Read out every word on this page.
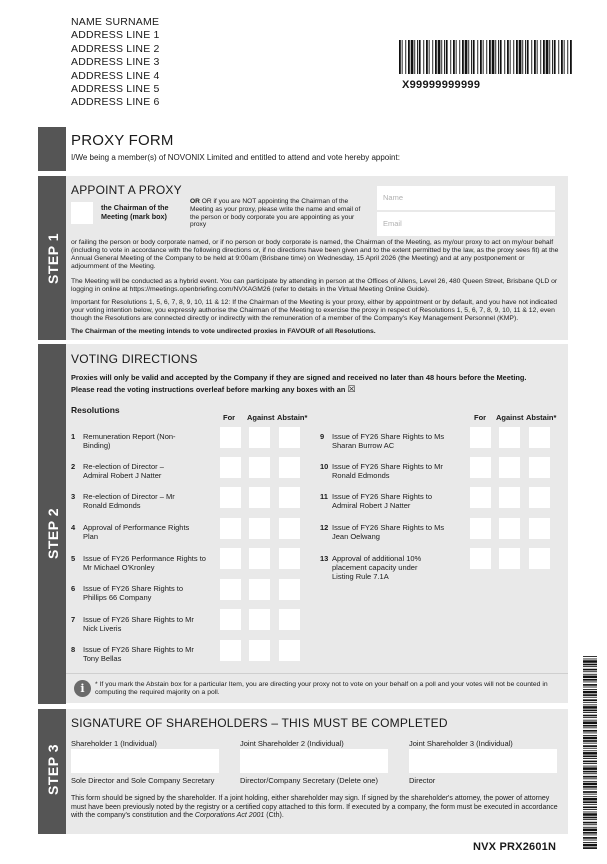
NAME SURNAME
ADDRESS LINE 1
ADDRESS LINE 2
ADDRESS LINE 3
ADDRESS LINE 4
ADDRESS LINE 5
ADDRESS LINE 6
X99999999999
PROXY FORM
I/We being a member(s) of NOVONIX Limited and entitled to attend and vote hereby appoint:
STEP 1
APPOINT A PROXY
the Chairman of the Meeting (mark box)
OR OR if you are NOT appointing the Chairman of the Meeting as your proxy, please write the name and email of the person or body corporate you are appointing as your proxy
Name
Email
or failing the person or body corporate named, or if no person or body corporate is named, the Chairman of the Meeting, as my/our proxy to act on my/our behalf (including to vote in accordance with the following directions or, if no directions have been given and to the extent permitted by the law, as the proxy sees fit) at the Annual General Meeting of the Company to be held at 9:00am (Brisbane time) on Wednesday, 15 April 2026 (the Meeting) and at any postponement or adjournment of the Meeting.
The Meeting will be conducted as a hybrid event. You can participate by attending in person at the Offices of Allens, Level 26, 480 Queen Street, Brisbane QLD or logging in online at https://meetings.openbriefing.com/NVXAGM26 (refer to details in the Virtual Meeting Online Guide).
Important for Resolutions 1, 5, 6, 7, 8, 9, 10, 11 & 12: If the Chairman of the Meeting is your proxy, either by appointment or by default, and you have not indicated your voting intention below, you expressly authorise the Chairman of the Meeting to exercise the proxy in respect of Resolutions 1, 5, 6, 7, 8, 9, 10, 11 & 12, even though the Resolutions are connected directly or indirectly with the remuneration of a member of the Company's Key Management Personnel (KMP).
The Chairman of the meeting intends to vote undirected proxies in FAVOUR of all Resolutions.
STEP 2
VOTING DIRECTIONS
Proxies will only be valid and accepted by the Company if they are signed and received no later than 48 hours before the Meeting.
Please read the voting instructions overleaf before marking any boxes with an ☒
Resolutions
For Against Abstain*	For Against Abstain*
1 Remuneration Report (Non-Binding)
2 Re-election of Director – Admiral Robert J Natter
3 Re-election of Director – Mr Ronald Edmonds
4 Approval of Performance Rights Plan
5 Issue of FY26 Performance Rights to Mr Michael O'Kronley
6 Issue of FY26 Share Rights to Phillips 66 Company
7 Issue of FY26 Share Rights to Mr Nick Liveris
8 Issue of FY26 Share Rights to Mr Tony Bellas
9 Issue of FY26 Share Rights to Ms Sharan Burrow AC
10 Issue of FY26 Share Rights to Mr Ronald Edmonds
11 Issue of FY26 Share Rights to Admiral Robert J Natter
12 Issue of FY26 Share Rights to Ms Jean Oelwang
13 Approval of additional 10% placement capacity under Listing Rule 7.1A
i	* If you mark the Abstain box for a particular Item, you are directing your proxy not to vote on your behalf on a poll and your votes will not be counted in computing the required majority on a poll.
STEP 3
SIGNATURE OF SHAREHOLDERS – THIS MUST BE COMPLETED
Shareholder 1 (Individual)	Joint Shareholder 2 (Individual)	Joint Shareholder 3 (Individual)
Sole Director and Sole Company Secretary	Director/Company Secretary (Delete one)	Director
This form should be signed by the shareholder. If a joint holding, either shareholder may sign. If signed by the shareholder's attorney, the power of attorney must have been previously noted by the registry or a certified copy attached to this form. If executed by a company, the form must be executed in accordance with the company's constitution and the Corporations Act 2001 (Cth).
NVX PRX2601N
